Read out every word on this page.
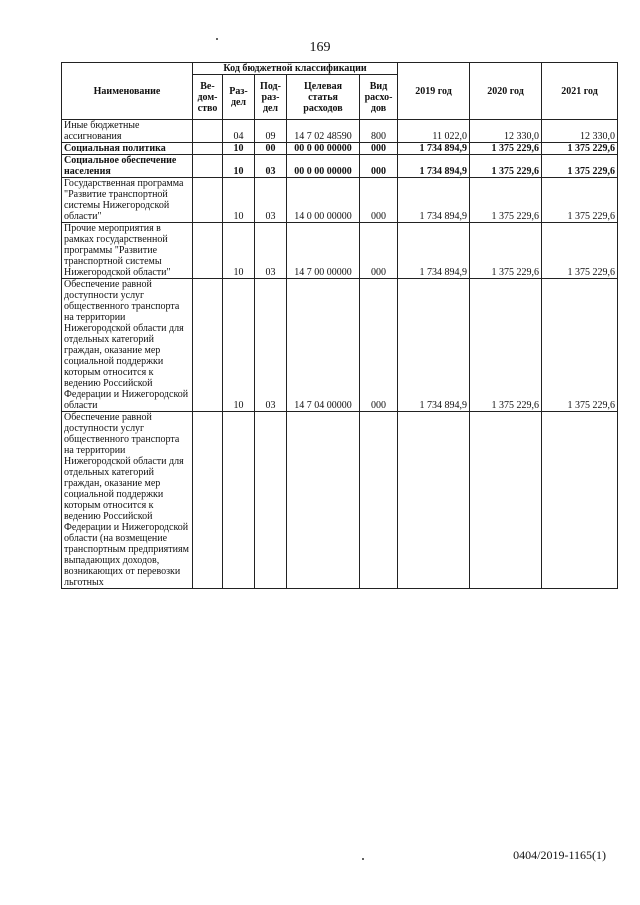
169
Наименование	Код бюджетной классификации					2019 год	2020 год	2021 год
	Ве- дом- ство	Раз- дел	Под- раз- дел	Целевая статья расходов	Вид расхо- дов			
Иные бюджетные ассигнования		04	09	14 7 02 48590	800	11 022,0	12 330,0	12 330,0
Социальная политика		10	00	00 0 00 00000	000	1 734 894,9	1 375 229,6	1 375 229,6
Социальное обеспечение населения		10	03	00 0 00 00000	000	1 734 894,9	1 375 229,6	1 375 229,6
Государственная программа "Развитие транспортной системы Нижегородской области"		10	03	14 0 00 00000	000	1 734 894,9	1 375 229,6	1 375 229,6
Прочие мероприятия в рамках государственной программы "Развитие транспортной системы Нижегородской области"		10	03	14 7 00 00000	000	1 734 894,9	1 375 229,6	1 375 229,6
Обеспечение равной доступности услуг общественного транспорта на территории Нижегородской области для отдельных категорий граждан, оказание мер социальной поддержки которым относится к ведению Российской Федерации и Нижегородской области		10	03	14 7 04 00000	000	1 734 894,9	1 375 229,6	1 375 229,6
Обеспечение равной доступности услуг общественного транспорта на территории Нижегородской области для отдельных категорий граждан, оказание мер социальной поддержки которым относится к ведению Российской Федерации и Нижегородской области (на возмещение транспортным предприятиям выпадающих доходов, возникающих от перевозки льготных								
0404/2019-1165(1)
